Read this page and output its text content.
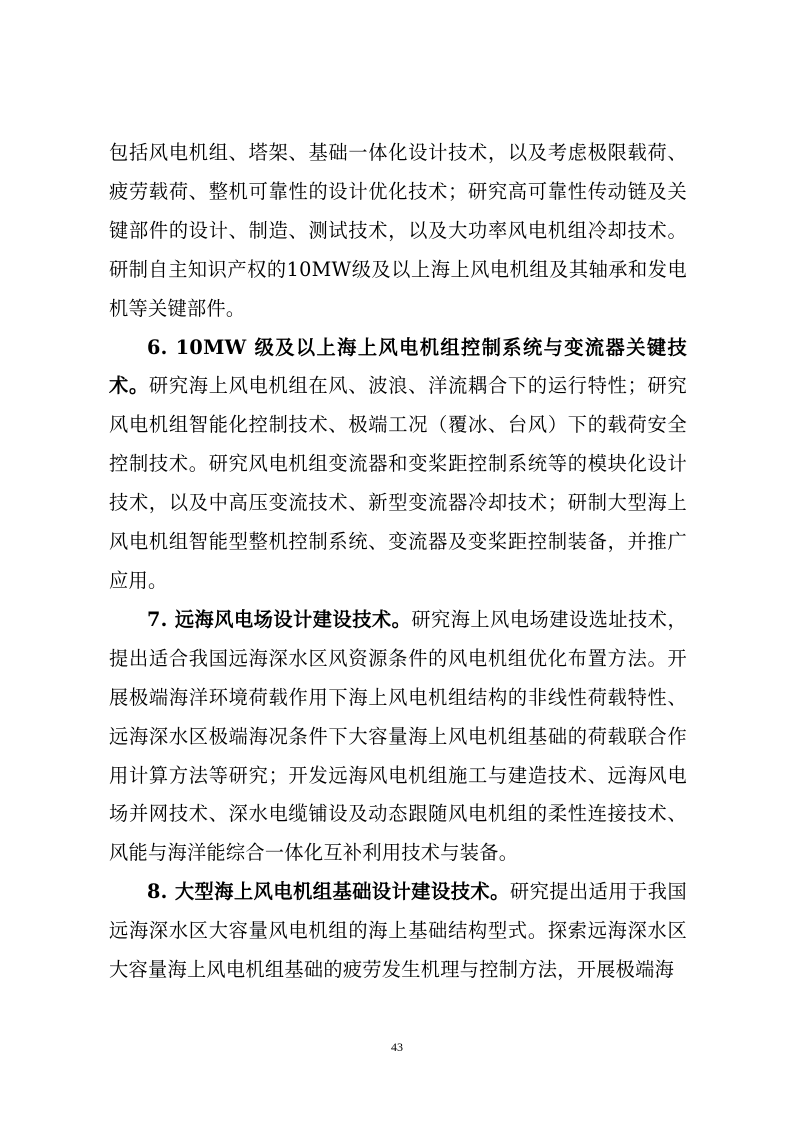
包括风电机组、塔架、基础一体化设计技术，以及考虑极限载荷、疲劳载荷、整机可靠性的设计优化技术；研究高可靠性传动链及关键部件的设计、制造、测试技术，以及大功率风电机组冷却技术。研制自主知识产权的10MW级及以上海上风电机组及其轴承和发电机等关键部件。

6. 10MW 级及以上海上风电机组控制系统与变流器关键技术。研究海上风电机组在风、波浪、洋流耦合下的运行特性；研究风电机组智能化控制技术、极端工况（覆冰、台风）下的载荷安全控制技术。研究风电机组变流器和变桨距控制系统等的模块化设计技术，以及中高压变流技术、新型变流器冷却技术；研制大型海上风电机组智能型整机控制系统、变流器及变桨距控制装备，并推广应用。

7. 远海风电场设计建设技术。研究海上风电场建设选址技术，提出适合我国远海深水区风资源条件的风电机组优化布置方法。开展极端海洋环境荷载作用下海上风电机组结构的非线性荷载特性、远海深水区极端海况条件下大容量海上风电机组基础的荷载联合作用计算方法等研究；开发远海风电机组施工与建造技术、远海风电场并网技术、深水电缆铺设及动态跟随风电机组的柔性连接技术、风能与海洋能综合一体化互补利用技术与装备。

8. 大型海上风电机组基础设计建设技术。研究提出适用于我国远海深水区大容量风电机组的海上基础结构型式。探索远海深水区大容量海上风电机组基础的疲劳发生机理与控制方法，开展极端海

43
